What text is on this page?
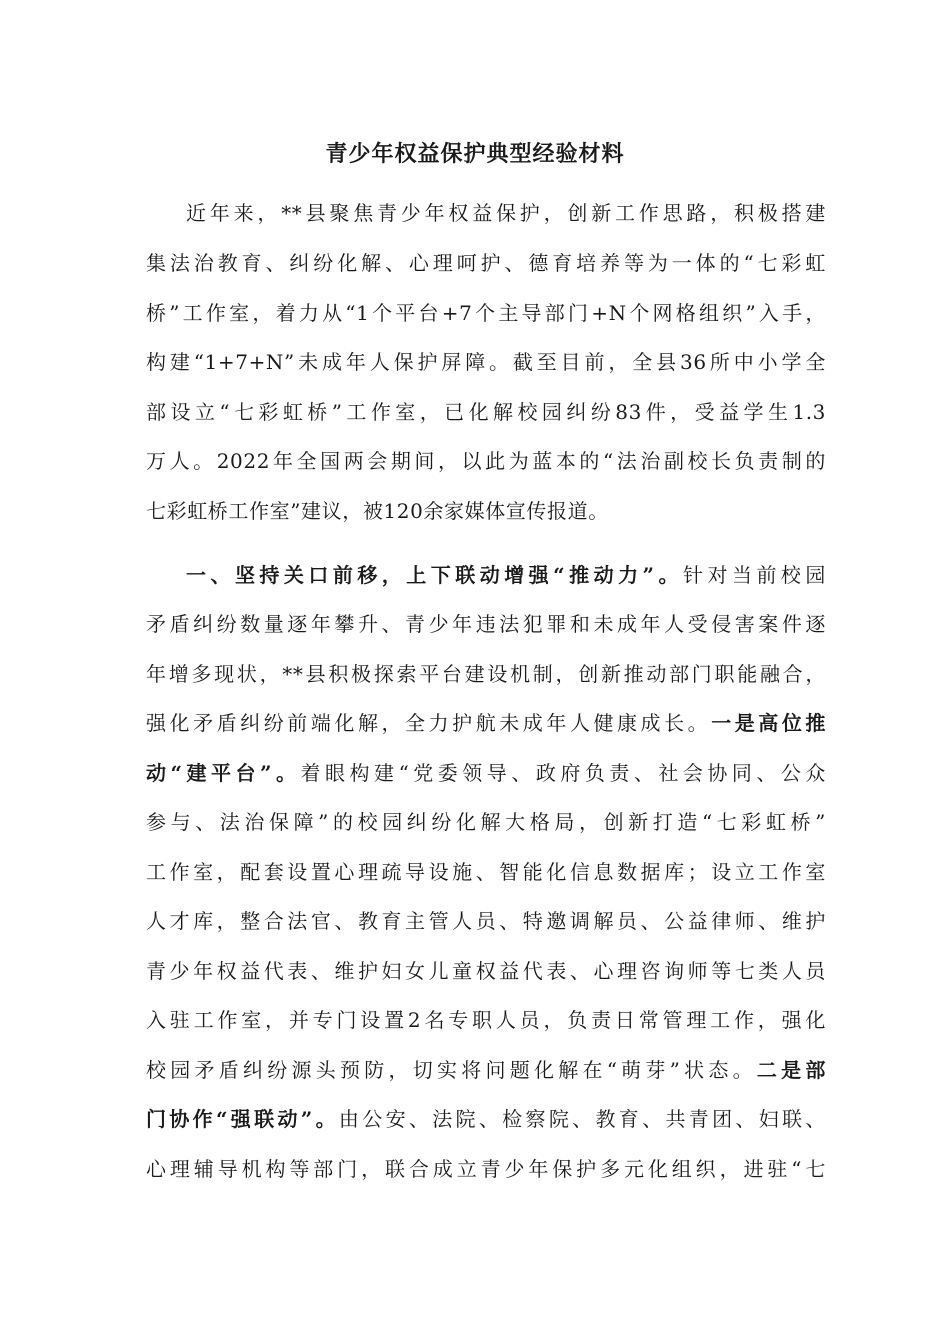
青少年权益保护典型经验材料
近年来，**县聚焦青少年权益保护，创新工作思路，积极搭建
集法治教育、纠纷化解、心理呵护、德育培养等为一体的“七彩虹
桥”工作室，着力从“1个平台+7个主导部门+N个网格组织”入手，
构建“1+7+N”未成年人保护屏障。截至目前，全县36所中小学全
部设立“七彩虹桥”工作室，已化解校园纠纷83件，受益学生1.3
万人。2022年全国两会期间，以此为蓝本的“法治副校长负责制的
七彩虹桥工作室”建议，被120余家媒体宣传报道。
一、坚持关口前移，上下联动增强“推动力”。针对当前校园
矛盾纠纷数量逐年攀升、青少年违法犯罪和未成年人受侵害案件逐
年增多现状，**县积极探索平台建设机制，创新推动部门职能融合，
强化矛盾纠纷前端化解，全力护航未成年人健康成长。一是高位推
动“建平台”。着眼构建“党委领导、政府负责、社会协同、公众
参与、法治保障”的校园纠纷化解大格局，创新打造“七彩虹桥”
工作室，配套设置心理疏导设施、智能化信息数据库；设立工作室
人才库，整合法官、教育主管人员、特邀调解员、公益律师、维护
青少年权益代表、维护妇女儿童权益代表、心理咨询师等七类人员
入驻工作室，并专门设置2名专职人员，负责日常管理工作，强化
校园矛盾纠纷源头预防，切实将问题化解在“萌芽”状态。二是部
门协作“强联动”。由公安、法院、检察院、教育、共青团、妇联、
心理辅导机构等部门，联合成立青少年保护多元化组织，进驻“七
